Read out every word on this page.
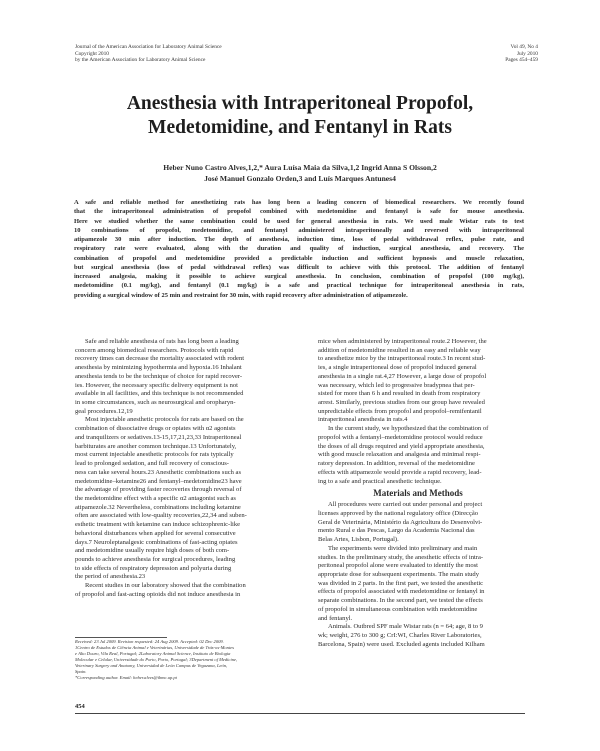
Journal of the American Association for Laboratory Animal Science
Copyright 2010
by the American Association for Laboratory Animal Science
Vol 49, No 4
July 2010
Pages 454–459
Anesthesia with Intraperitoneal Propofol,
Medetomidine, and Fentanyl in Rats
Heber Nuno Castro Alves,1,2,* Aura Luísa Maia da Silva,1,2 Ingrid Anna S Olsson,2
José Manuel Gonzalo Orden,3 and Luís Marques Antunes4
A safe and reliable method for anesthetizing rats has long been a leading concern of biomedical researchers. We recently found
that the intraperitoneal administration of propofol combined with medetomidine and fentanyl is safe for mouse anesthesia.
Here we studied whether the same combination could be used for general anesthesia in rats. We used male Wistar rats to test
10 combinations of propofol, medetomidine, and fentanyl administered intraperitoneally and reversed with intraperitoneal
atipamezole 30 min after induction. The depth of anesthesia, induction time, loss of pedal withdrawal reflex, pulse rate, and
respiratory rate were evaluated, along with the duration and quality of induction, surgical anesthesia, and recovery. The
combination of propofol and medetomidine provided a predictable induction and sufficient hypnosis and muscle relaxation,
but surgical anesthesia (loss of pedal withdrawal reflex) was difficult to achieve with this protocol. The addition of fentanyl
increased analgesia, making it possible to achieve surgical anesthesia. In conclusion, combination of propofol (100 mg/kg),
medetomidine (0.1 mg/kg), and fentanyl (0.1 mg/kg) is a safe and practical technique for intraperitoneal anesthesia in rats,
providing a surgical window of 25 min and restraint for 30 min, with rapid recovery after administration of atipamezole.
Safe and reliable anesthesia of rats has long been a leading
concern among biomedical researchers. Protocols with rapid
recovery times can decrease the mortality associated with rodent
anesthesia by minimizing hypothermia and hypoxia.16 Inhalant
anesthesia tends to be the technique of choice for rapid recover-
ies. However, the necessary specific delivery equipment is not
available in all facilities, and this technique is not recommended
in some circumstances, such as neurosurgical and oropharyn-
geal procedures.12,19
Most injectable anesthetic protocols for rats are based on the
combination of dissociative drugs or opiates with α2 agonists
and tranquilizers or sedatives.13-15,17,21,23,33 Intraperitoneal
barbiturates are another common technique.13 Unfortunately,
most current injectable anesthetic protocols for rats typically
lead to prolonged sedation, and full recovery of conscious-
ness can take several hours.23 Anesthetic combinations such as
medetomidine–ketamine26 and fentanyl–medetomidine23 have
the advantage of providing faster recoveries through reversal of
the medetomidine effect with a specific α2 antagonist such as
atipamezole.32 Nevertheless, combinations including ketamine
often are associated with low-quality recoveries,22,34 and suben-
esthetic treatment with ketamine can induce schizophrenic-like
behavioral disturbances when applied for several consecutive
days.7 Neuroleptanalgesic combinations of fast-acting opiates
and medetomidine usually require high doses of both com-
pounds to achieve anesthesia for surgical procedures, leading
to side effects of respiratory depression and polyuria during
the period of anesthesia.23
Recent studies in our laboratory showed that the combination
of propofol and fast-acting opioids did not induce anesthesia in
Received: 23 Jul 2009. Revision requested: 24 Aug 2009. Accepted: 02 Dec 2009.
1Centro de Estudos de Ciência Animal e Veterinárias, Universidade de Trás-os-Montes
e Alto Douro, Vila Real, Portugal; 2Laboratory Animal Science, Instituto de Biologia
Molecular e Celular, Universidade do Porto, Porto, Portugal; 3Department of Medicine,
Veterinary Surgery and Anatomy, Universidad de León Campus de Vegazana, León,
Spain.
*Corresponding author. Email: heber.alves@ibmc.up.pt
mice when administered by intraperitoneal route.2 However, the
addition of medetomidine resulted in an easy and reliable way
to anesthetize mice by the intraperitoneal route.3 In recent stud-
ies, a single intraperitoneal dose of propofol induced general
anesthesia in a single rat.4,27 However, a large dose of propofol
was necessary, which led to progressive bradypnea that per-
sisted for more than 6 h and resulted in death from respiratory
arrest. Similarly, previous studies from our group have revealed
unpredictable effects from propofol and propofol–remifentanil
intraperitoneal anesthesia in rats.4
In the current study, we hypothesized that the combination of
propofol with a fentanyl–medetomidine protocol would reduce
the doses of all drugs required and yield appropriate anesthesia,
with good muscle relaxation and analgesia and minimal respi-
ratory depression. In addition, reversal of the medetomidine
effects with atipamezole would provide a rapid recovery, lead-
ing to a safe and practical anesthetic technique.
Materials and Methods
All procedures were carried out under personal and project
licenses approved by the national regulatory office (Direcção
Geral de Veterinária, Ministério da Agricultura do Desenvolvi-
mento Rural e das Pescas, Largo da Academia Nacional das
Belas Artes, Lisbon, Portugal).
The experiments were divided into preliminary and main
studies. In the preliminary study, the anesthetic effects of intra-
peritoneal propofol alone were evaluated to identify the most
appropriate dose for subsequent experiments. The main study
was divided in 2 parts. In the first part, we tested the anesthetic
effects of propofol associated with medetomidine or fentanyl in
separate combinations. In the second part, we tested the effects
of propofol in simultaneous combination with medetomidine
and fentanyl.
Animals. Outbred SPF male Wistar rats (n = 64; age, 8 to 9
wk; weight, 276 to 300 g; CrI:WI, Charles River Laboratories,
Barcelona, Spain) were used. Excluded agents included Kilham
454
